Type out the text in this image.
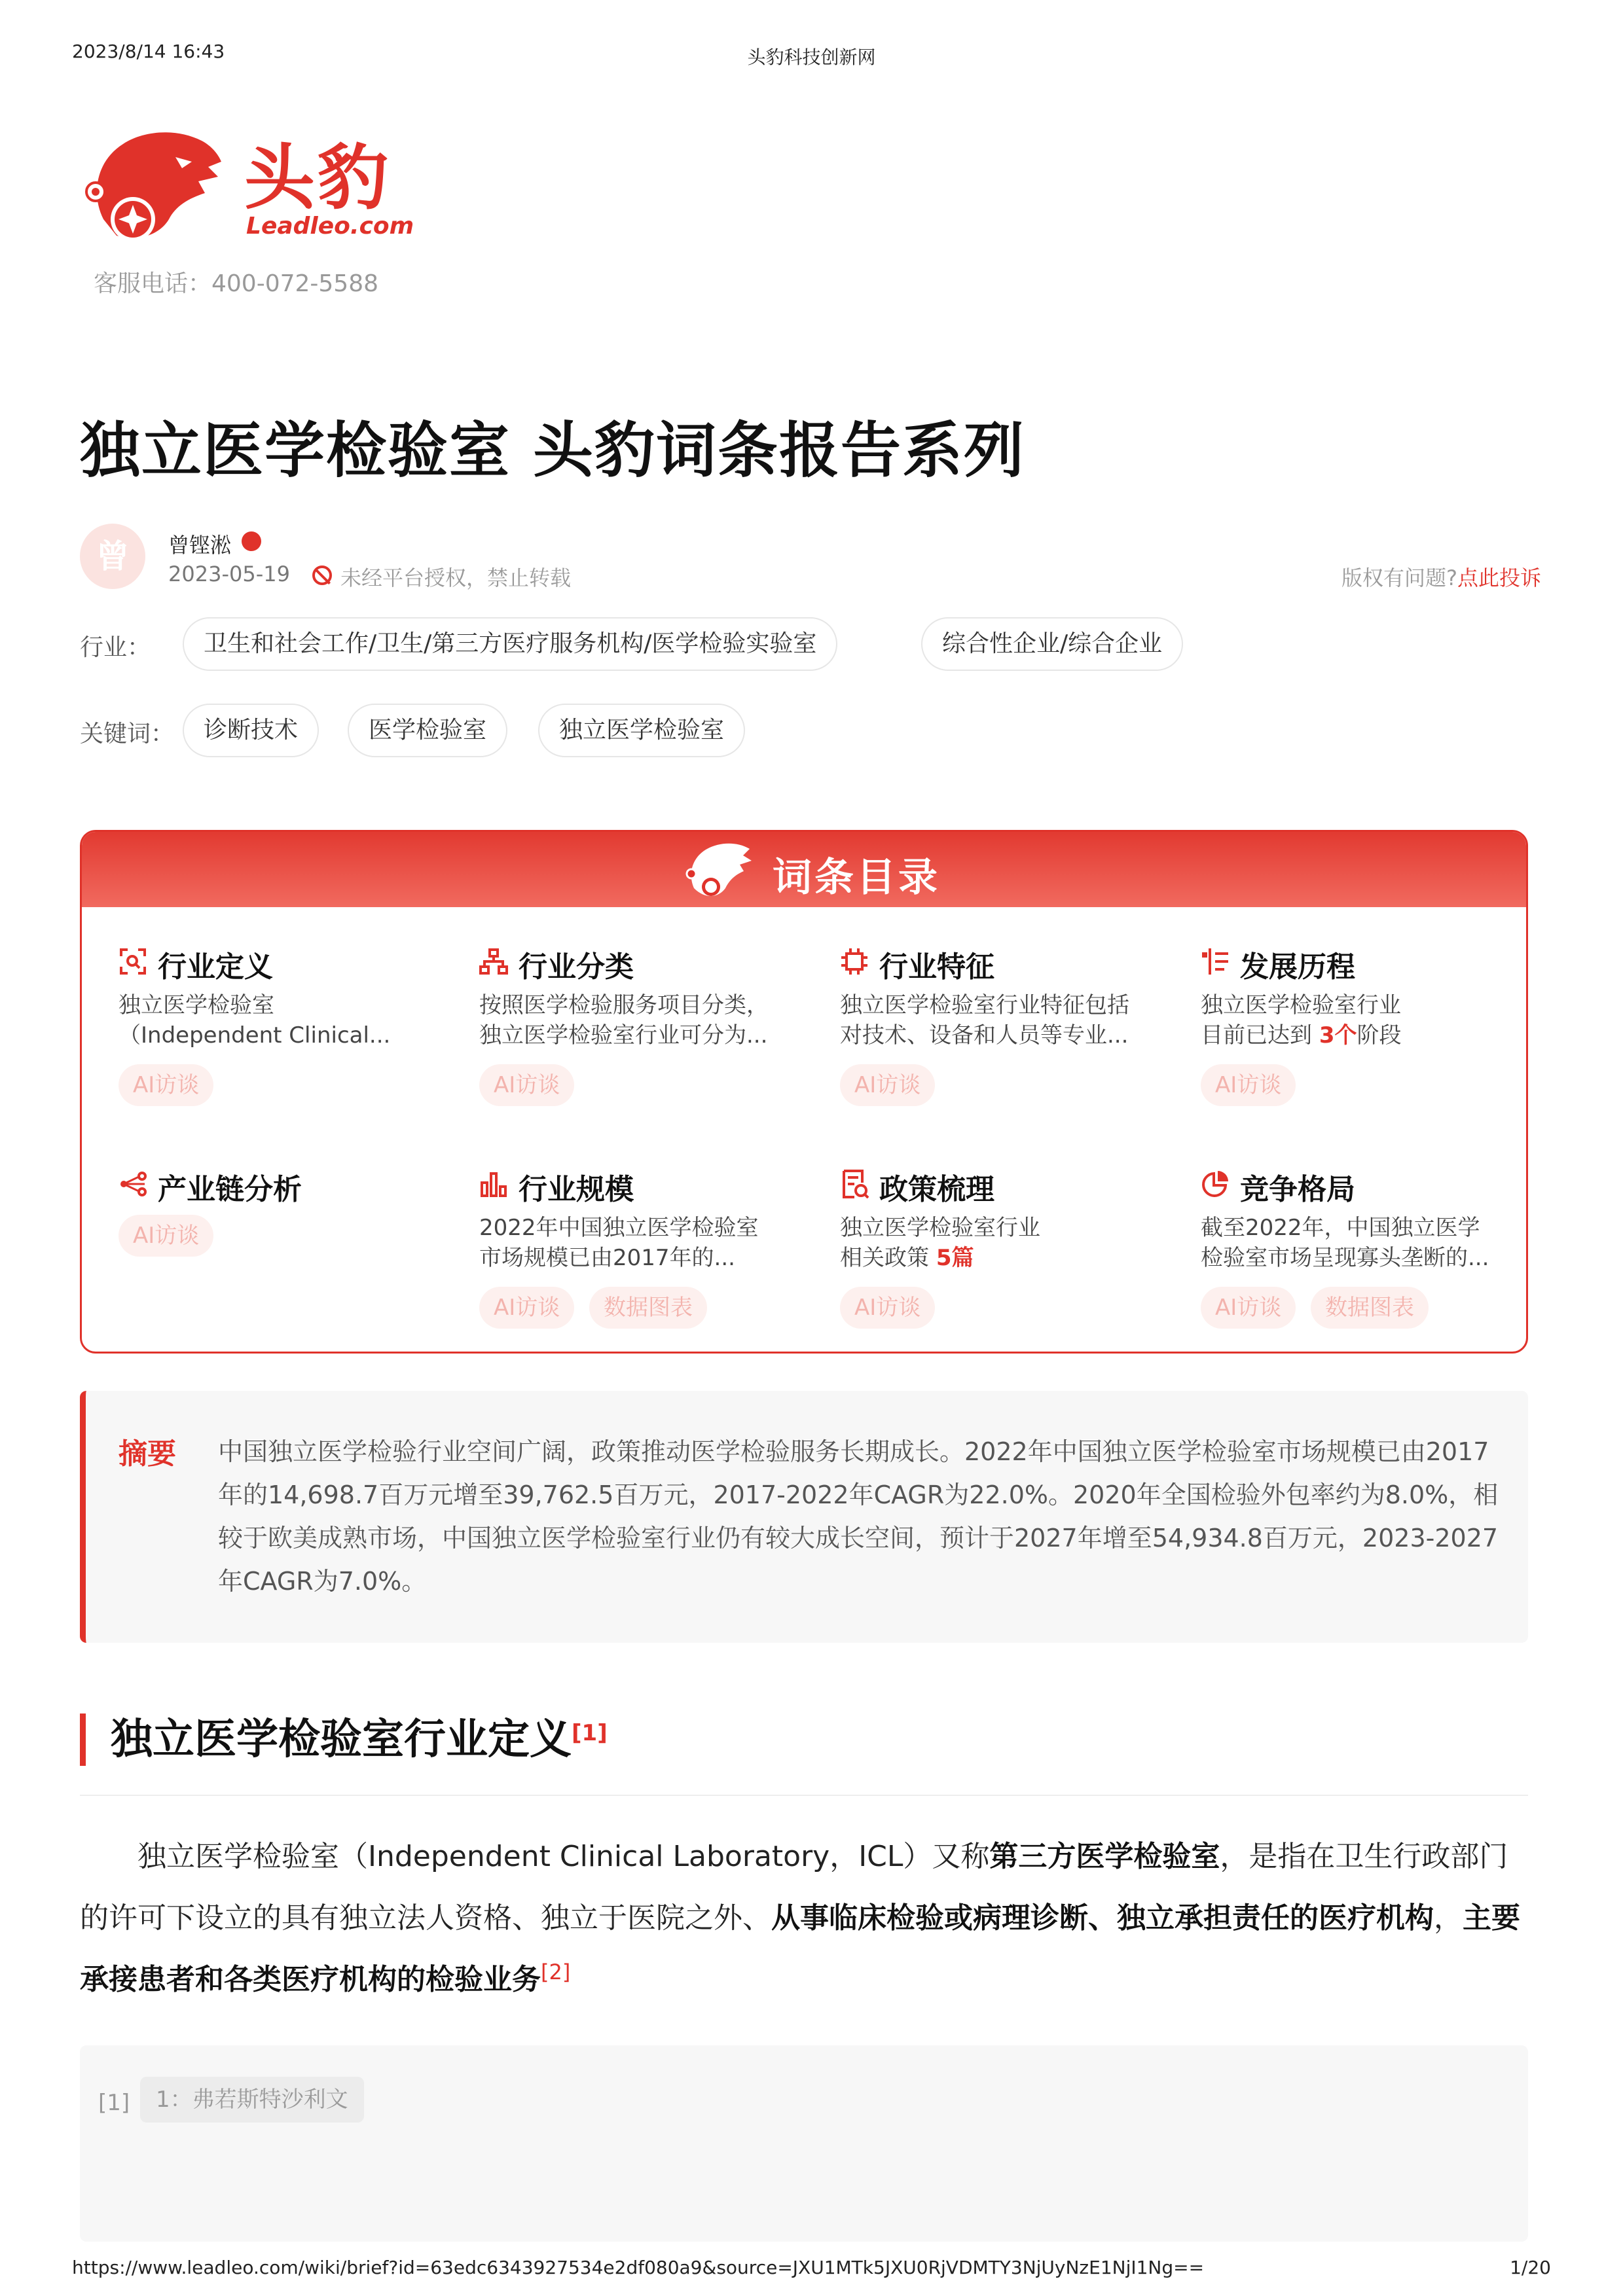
2023/8/14 16:43	头豹科技创新网
头豹
Leadleo.com
客服电话：400-072-5588
独立医学检验室 头豹词条报告系列
曾	曾铿淞
2023-05-19 未经平台授权，禁止转载	版权有问题?点此投诉
行业：	卫生和社会工作/卫生/第三方医疗服务机构/医学检验实验室	综合性企业/综合企业
关键词：	诊断技术	医学检验室	独立医学检验室
词条目录
行业定义
独立医学检验室
（Independent Clinical...
AI访谈
行业分类
按照医学检验服务项目分类，
独立医学检验室行业可分为...
AI访谈
行业特征
独立医学检验室行业特征包括
对技术、设备和人员等专业...
AI访谈
发展历程
独立医学检验室行业
目前已达到 3个阶段
AI访谈
产业链分析
AI访谈
行业规模
2022年中国独立医学检验室
市场规模已由2017年的...
AI访谈	数据图表
政策梳理
独立医学检验室行业
相关政策 5篇
AI访谈
竞争格局
截至2022年，中国独立医学
检验室市场呈现寡头垄断的...
AI访谈	数据图表
摘要 中国独立医学检验行业空间广阔，政策推动医学检验服务长期成长。2022年中国独立医学检验室市场规模已由2017年的14,698.7百万元增至39,762.5百万元，2017-2022年CAGR为22.0%。2020年全国检验外包率约为8.0%，相较于欧美成熟市场，中国独立医学检验室行业仍有较大成长空间，预计于2027年增至54,934.8百万元，2023-2027年CAGR为7.0%。

独立医学检验室行业定义[1]

独立医学检验室（Independent Clinical Laboratory，ICL）又称第三方医学检验室，是指在卫生行政部门的许可下设立的具有独立法人资格、独立于医院之外、从事临床检验或病理诊断、独立承担责任的医疗机构，主要承接患者和各类医疗机构的检验业务[2]

[1]	1：弗若斯特沙利文
https://www.leadleo.com/wiki/brief?id=63edc6343927534e2df080a9&source=JXU1MTk5JXU0RjVDMTY3NjUyNzE1NjI1Ng==	1/20
